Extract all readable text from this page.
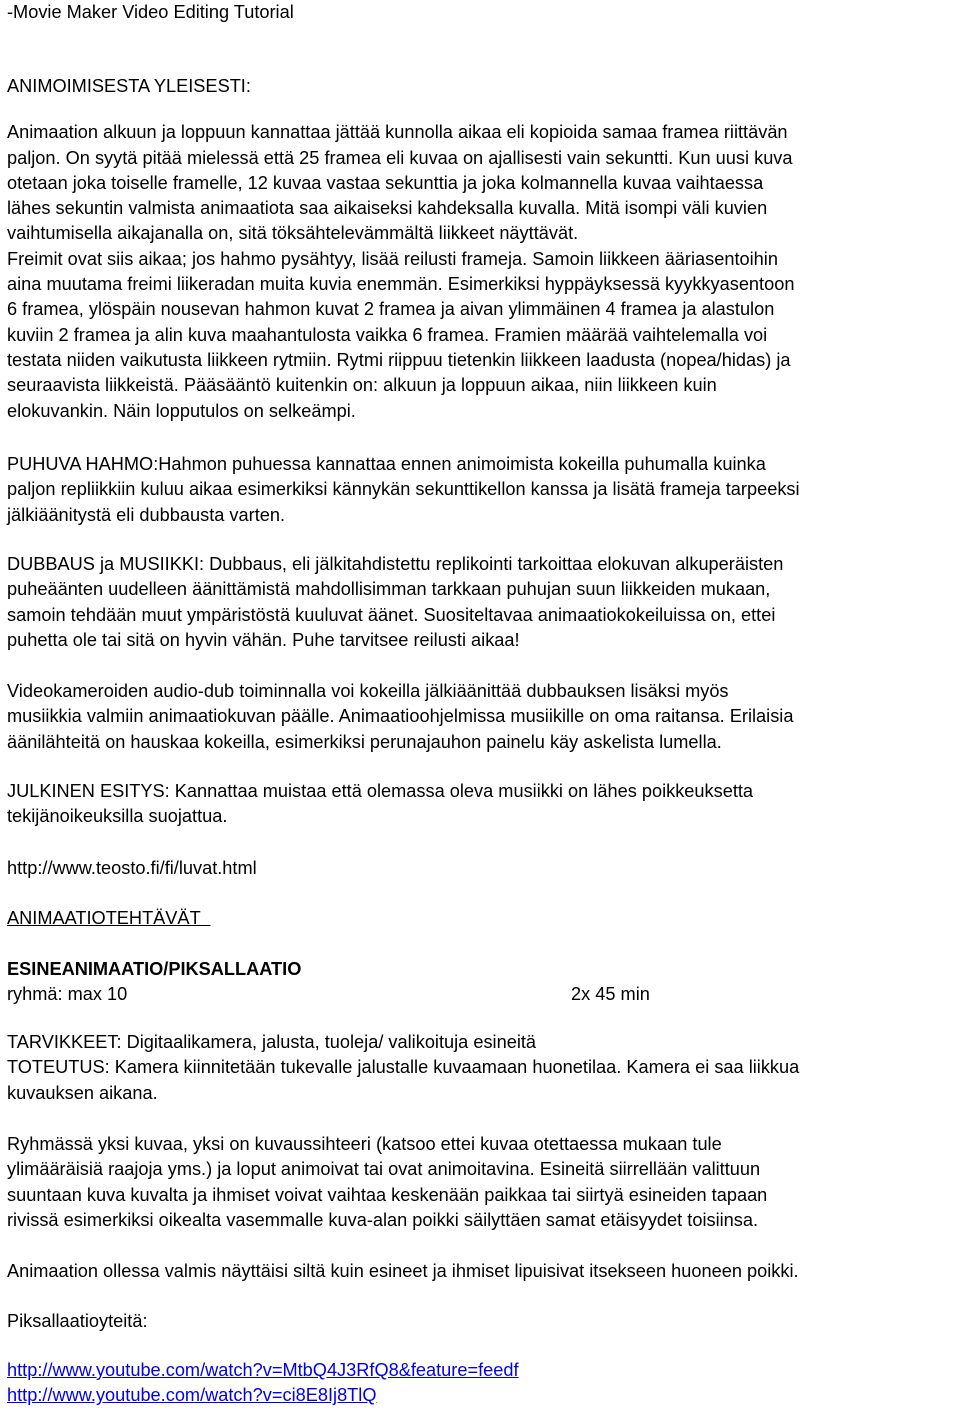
-Movie Maker Video Editing Tutorial
ANIMOIMISESTA YLEISESTI:
Animaation alkuun ja loppuun kannattaa jättää kunnolla aikaa eli kopioida samaa framea riittävän
paljon. On syytä pitää mielessä että 25 framea eli kuvaa on ajallisesti vain sekuntti. Kun uusi kuva
otetaan joka toiselle framelle, 12 kuvaa vastaa sekunttia ja joka kolmannella kuvaa vaihtaessa
lähes sekuntin valmista animaatiota saa aikaiseksi kahdeksalla kuvalla. Mitä isompi väli kuvien
vaihtumisella aikajanalla on, sitä töksähtelevämmältä liikkeet näyttävät.
Freimit ovat siis aikaa; jos hahmo pysähtyy, lisää reilusti frameja. Samoin liikkeen ääriasentoihin
aina muutama freimi liikeradan muita kuvia enemmän. Esimerkiksi hyppäyksessä kyykkyasentoon
6 framea, ylöspäin nousevan hahmon kuvat 2 framea ja aivan ylimmäinen 4 framea ja alastulon
kuviin 2 framea ja alin kuva maahantulosta vaikka 6 framea. Framien määrää vaihtelemalla voi
testata niiden vaikutusta liikkeen rytmiin. Rytmi riippuu tietenkin liikkeen laadusta (nopea/hidas) ja
seuraavista liikkeistä. Pääsääntö kuitenkin on: alkuun ja loppuun aikaa, niin liikkeen kuin
elokuvankin. Näin lopputulos on selkeämpi.
PUHUVA HAHMO:Hahmon puhuessa kannattaa ennen animoimista kokeilla puhumalla kuinka
paljon repliikkiin kuluu aikaa esimerkiksi kännykän sekunttikellon kanssa ja lisätä frameja tarpeeksi
jälkiäänitystä eli dubbausta varten.
DUBBAUS ja MUSIIKKI: Dubbaus, eli jälkitahdistettu replikointi tarkoittaa elokuvan alkuperäisten
puheäänten uudelleen äänittämistä mahdollisimman tarkkaan puhujan suun liikkeiden mukaan,
samoin tehdään muut ympäristöstä kuuluvat äänet. Suositeltavaa animaatiokokeiluissa on, ettei
puhetta ole tai sitä on hyvin vähän. Puhe tarvitsee reilusti aikaa!
Videokameroiden audio-dub toiminnalla voi kokeilla jälkiäänittää dubbauksen lisäksi myös
musiikkia valmiin animaatiokuvan päälle. Animaatioohjelmissa musiikille on oma raitansa. Erilaisia
äänilähteitä on hauskaa kokeilla, esimerkiksi perunajauhon painelu käy askelista lumella.
JULKINEN ESITYS: Kannattaa muistaa että olemassa oleva musiikki on lähes poikkeuksetta
tekijänoikeuksilla suojattua.
http://www.teosto.fi/fi/luvat.html
ANIMAATIOTEHTÄVÄT
ESINEANIMAATIO/PIKSALLAATIO
ryhmä: max 10	2x 45 min
TARVIKKEET: Digitaalikamera, jalusta, tuoleja/ valikoituja esineitä
TOTEUTUS: Kamera kiinnitetään tukevalle jalustalle kuvaamaan huonetilaa. Kamera ei saa liikkua
kuvauksen aikana.
Ryhmässä yksi kuvaa, yksi on kuvaussihteeri (katsoo ettei kuvaa otettaessa mukaan tule
ylimääräisiä raajoja yms.) ja loput animoivat tai ovat animoitavina. Esineitä siirrellään valittuun
suuntaan kuva kuvalta ja ihmiset voivat vaihtaa keskenään paikkaa tai siirtyä esineiden tapaan
rivissä esimerkiksi oikealta vasemmalle kuva-alan poikki säilyttäen samat etäisyydet toisiinsa.
Animaation ollessa valmis näyttäisi siltä kuin esineet ja ihmiset lipuisivat itsekseen huoneen poikki.
Piksallaatioyteitä:
http://www.youtube.com/watch?v=MtbQ4J3RfQ8&feature=feedf
http://www.youtube.com/watch?v=ci8E8Ij8TlQ
